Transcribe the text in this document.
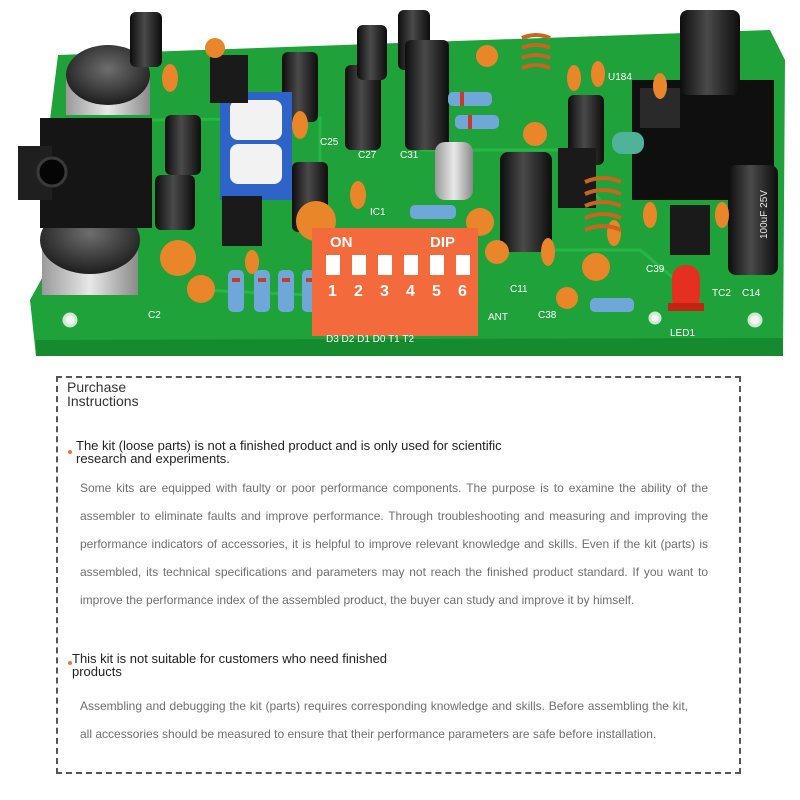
ON	DIP
1 2 3 4 5 6
D3 D2 D1 D0 T1 T2
U184
C2
C25
C27 C31
IC1
C11
C38
C39
TC2 C14
LED1
ANT
100uF 25V
Purchase Instructions
The kit (loose parts) is not a finished product and is only used for scientific research and experiments.
Some kits are equipped with faulty or poor performance components. The purpose is to examine the ability of the assembler to eliminate faults and improve performance. Through troubleshooting and measuring and improving the performance indicators of accessories, it is helpful to improve relevant knowledge and skills. Even if the kit (parts) is assembled, its technical specifications and parameters may not reach the finished product standard. If you want to improve the performance index of the assembled product, the buyer can study and improve it by himself.
This kit is not suitable for customers who need finished products
Assembling and debugging the kit (parts) requires corresponding knowledge and skills. Before assembling the kit, all accessories should be measured to ensure that their performance parameters are safe before installation.
